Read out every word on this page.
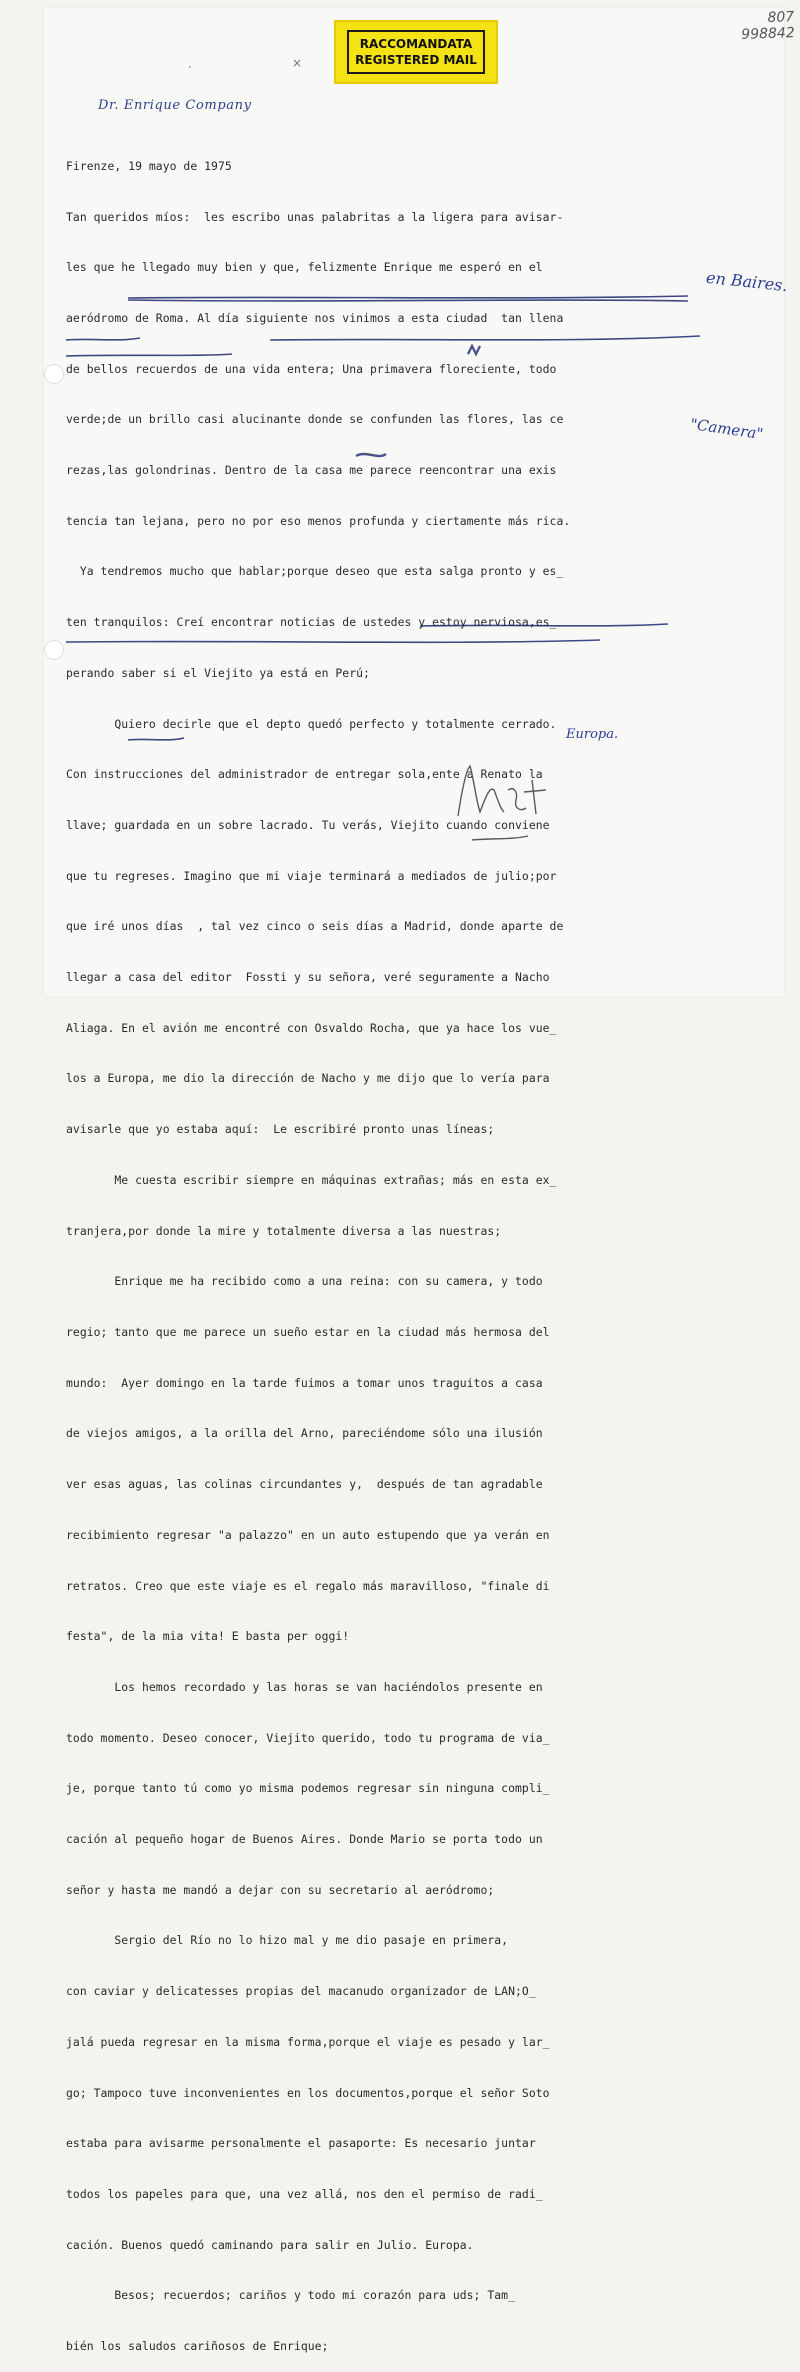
807
998842
RACCOMANDATA
REGISTERED MAIL
·	×
Dr. Enrique Company

Firenze, 19 mayo de 1975

Tan queridos míos:  les escribo unas palabritas a la ligera para avisar-

les que he llegado muy bien y que, felizmente Enrique me esperó en el

aeródromo de Roma. Al día siguiente nos vinimos a esta ciudad  tan llena

de bellos recuerdos de una vida entera; Una primavera floreciente, todo

verde;de un brillo casi alucinante donde se confunden las flores, las ce

rezas,las golondrinas. Dentro de la casa me parece reencontrar una exis

tencia tan lejana, pero no por eso menos profunda y ciertamente más rica.

Ya tendremos mucho que hablar;porque deseo que esta salga pronto y es_

ten tranquilos: Creí encontrar noticias de ustedes y estoy nerviosa,es_

perando saber si el Viejito ya está en Perú;

Quiero decirle que el depto quedó perfecto y totalmente cerrado.

Con instrucciones del administrador de entregar sola,ente a Renato la

llave; guardada en un sobre lacrado. Tu verás, Viejito cuando conviene

que tu regreses. Imagino que mi viaje terminará a mediados de julio;por

que iré unos días  , tal vez cinco o seis días a Madrid, donde aparte de

llegar a casa del editor  Fossti y su señora, veré seguramente a Nacho

Aliaga. En el avión me encontré con Osvaldo Rocha, que ya hace los vue_

los a Europa, me dio la dirección de Nacho y me dijo que lo vería para

avisarle que yo estaba aquí:  Le escribiré pronto unas líneas;

Me cuesta escribir siempre en máquinas extrañas; más en esta ex_

tranjera,por donde la mire y totalmente diversa a las nuestras;

Enrique me ha recibido como a una reina: con su camera, y todo

regio; tanto que me parece un sueño estar en la ciudad más hermosa del

mundo:  Ayer domingo en la tarde fuimos a tomar unos traguitos a casa

de viejos amigos, a la orilla del Arno, pareciéndome sólo una ilusión

ver esas aguas, las colinas circundantes y,  después de tan agradable

recibimiento regresar "a palazzo" en un auto estupendo que ya verán en

retratos. Creo que este viaje es el regalo más maravilloso, "finale di

festa", de la mia vita! E basta per oggi!

Los hemos recordado y las horas se van haciéndolos presente en

todo momento. Deseo conocer, Viejito querido, todo tu programa de via_

je, porque tanto tú como yo misma podemos regresar sin ninguna compli_

cación al pequeño hogar de Buenos Aires. Donde Mario se porta todo un

señor y hasta me mandó a dejar con su secretario al aeródromo;

Sergio del Río no lo hizo mal y me dio pasaje en primera,

con caviar y delicatesses propias del macanudo organizador de LAN;O_

jalá pueda regresar en la misma forma,porque el viaje es pesado y lar_

go; Tampoco tuve inconvenientes en los documentos,porque el señor Soto

estaba para avisarme personalmente el pasaporte: Es necesario juntar

todos los papeles para que, una vez allá, nos den el permiso de radi_

cación. Buenos quedó caminando para salir en Julio. Europa.

Besos; recuerdos; cariños y todo mi corazón para uds; Tam_

bién los saludos cariñosos de Enrique;

en Baires.
"Camera"
Europa.
